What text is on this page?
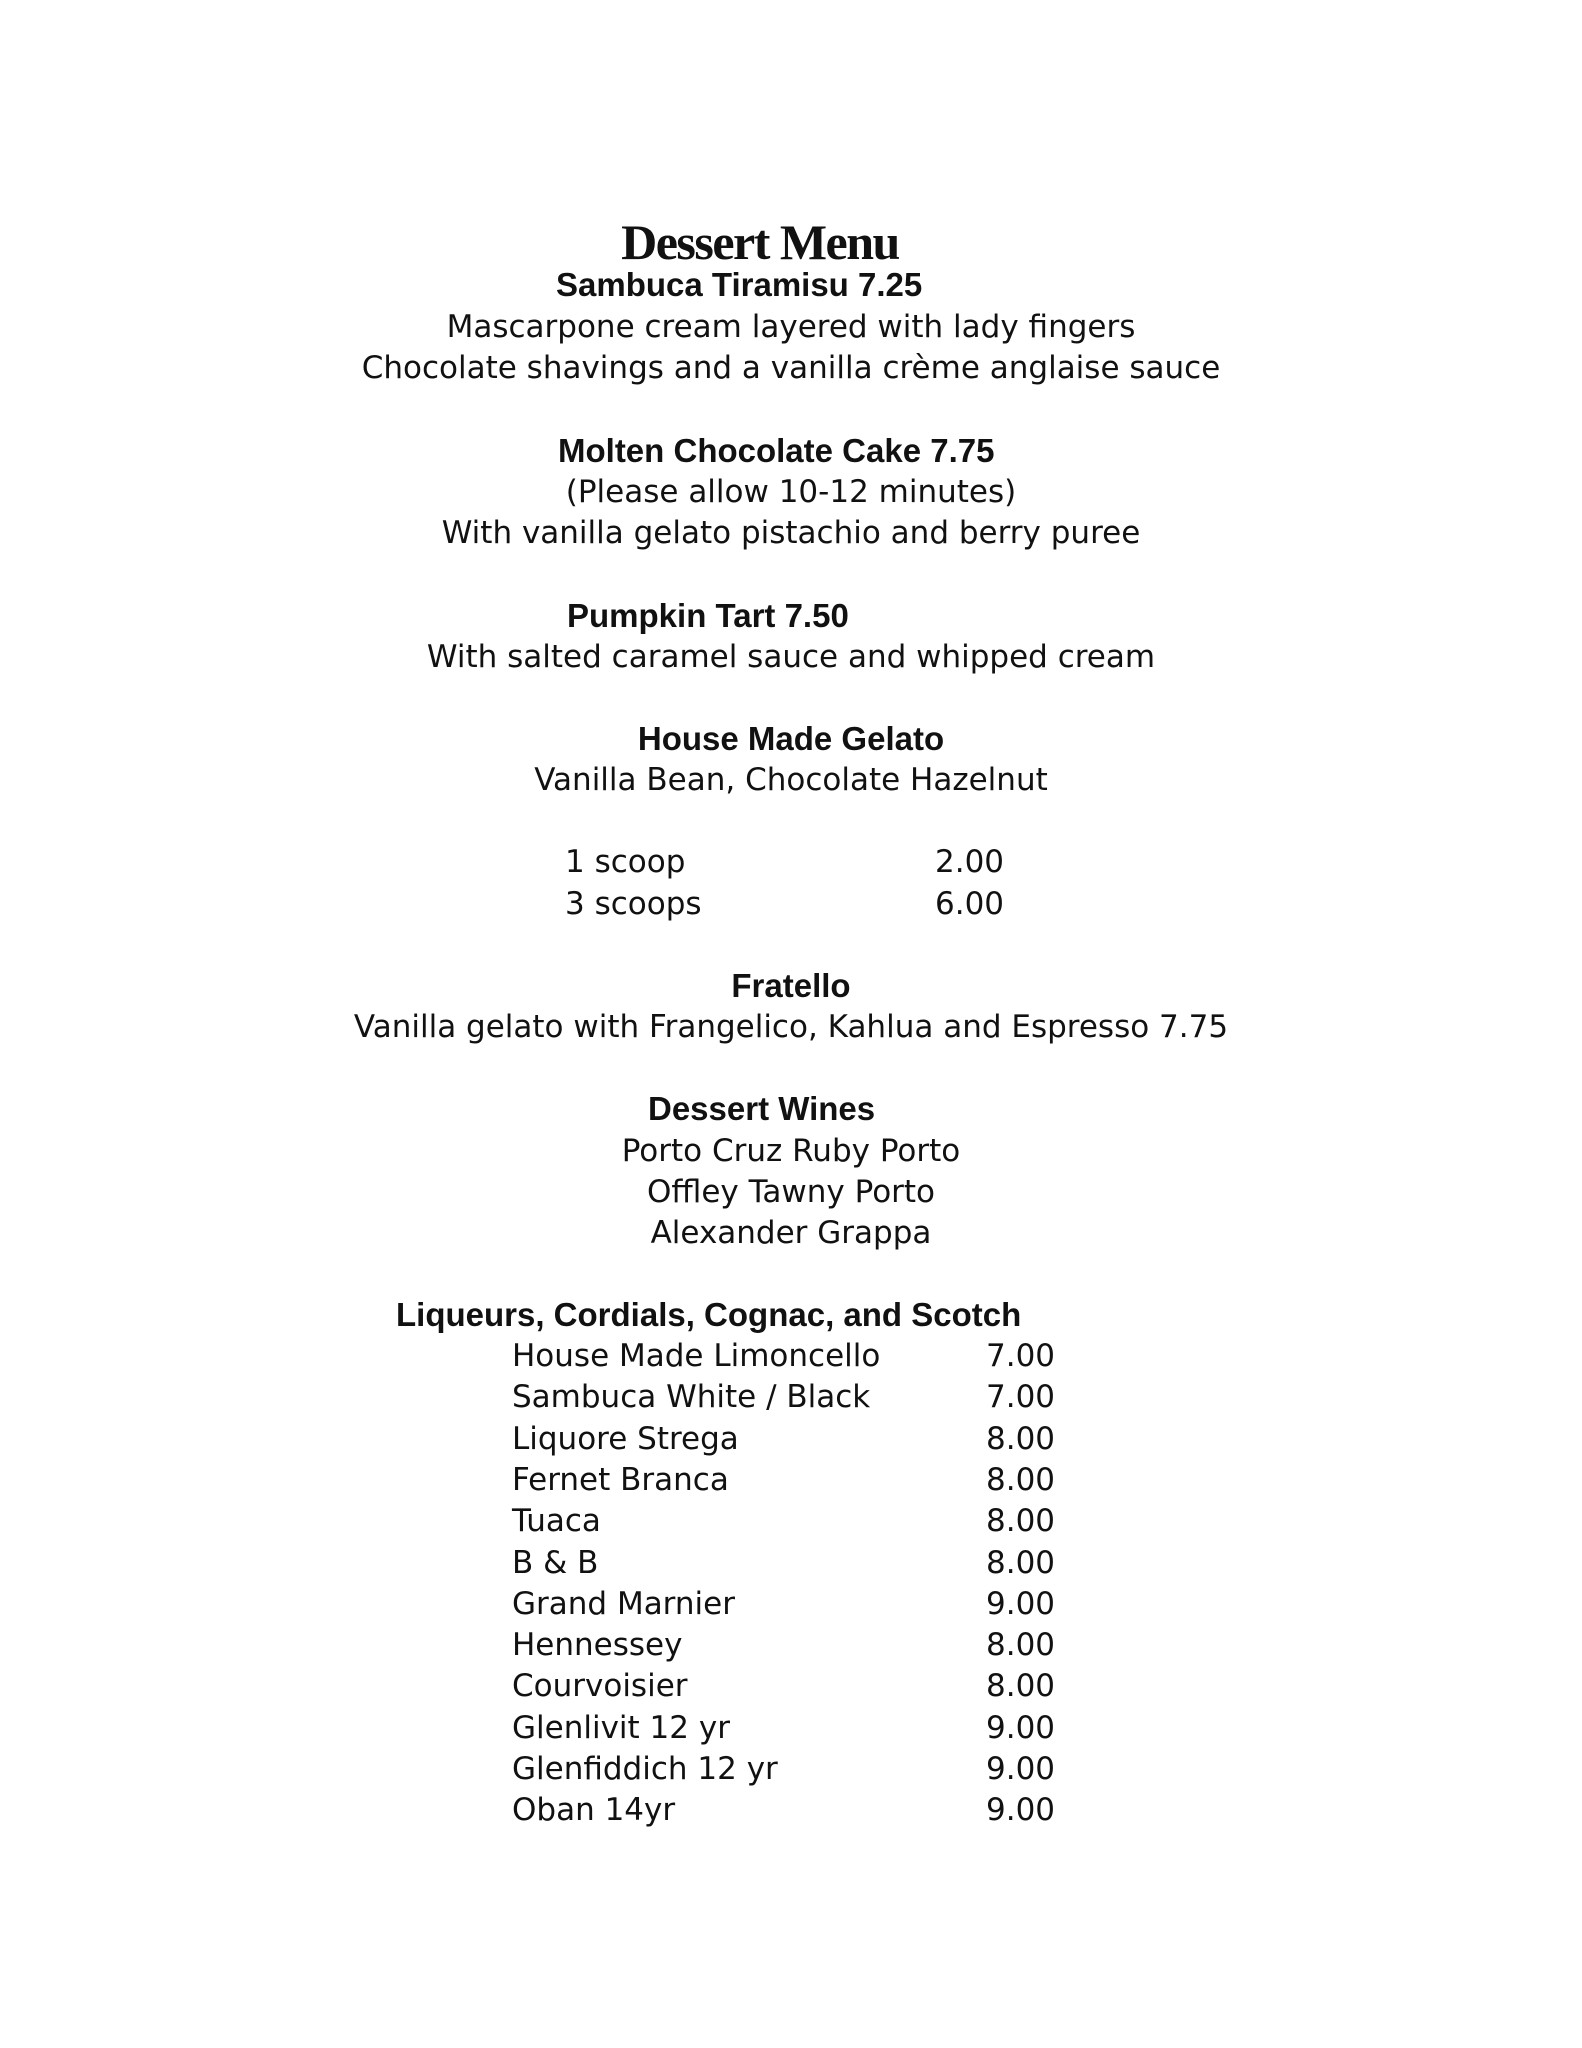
Dessert Menu
Sambuca Tiramisu 7.25
Mascarpone cream layered with lady fingers
Chocolate shavings and a vanilla crème anglaise sauce
Molten Chocolate Cake 7.75
(Please allow 10-12 minutes)
With vanilla gelato pistachio and berry puree
Pumpkin Tart 7.50
With salted caramel sauce and whipped cream
House Made Gelato
Vanilla Bean, Chocolate Hazelnut
1 scoop	2.00
3 scoops	6.00
Fratello
Vanilla gelato with Frangelico, Kahlua and Espresso 7.75
Dessert Wines
Porto Cruz Ruby Porto
Offley Tawny Porto
Alexander Grappa
Liqueurs, Cordials, Cognac, and Scotch
House Made Limoncello	7.00
Sambuca White / Black	7.00
Liquore Strega	8.00
Fernet Branca	8.00
Tuaca	8.00
B & B	8.00
Grand Marnier	9.00
Hennessey	8.00
Courvoisier	8.00
Glenlivit 12 yr	9.00
Glenfiddich 12 yr	9.00
Oban 14yr	9.00
